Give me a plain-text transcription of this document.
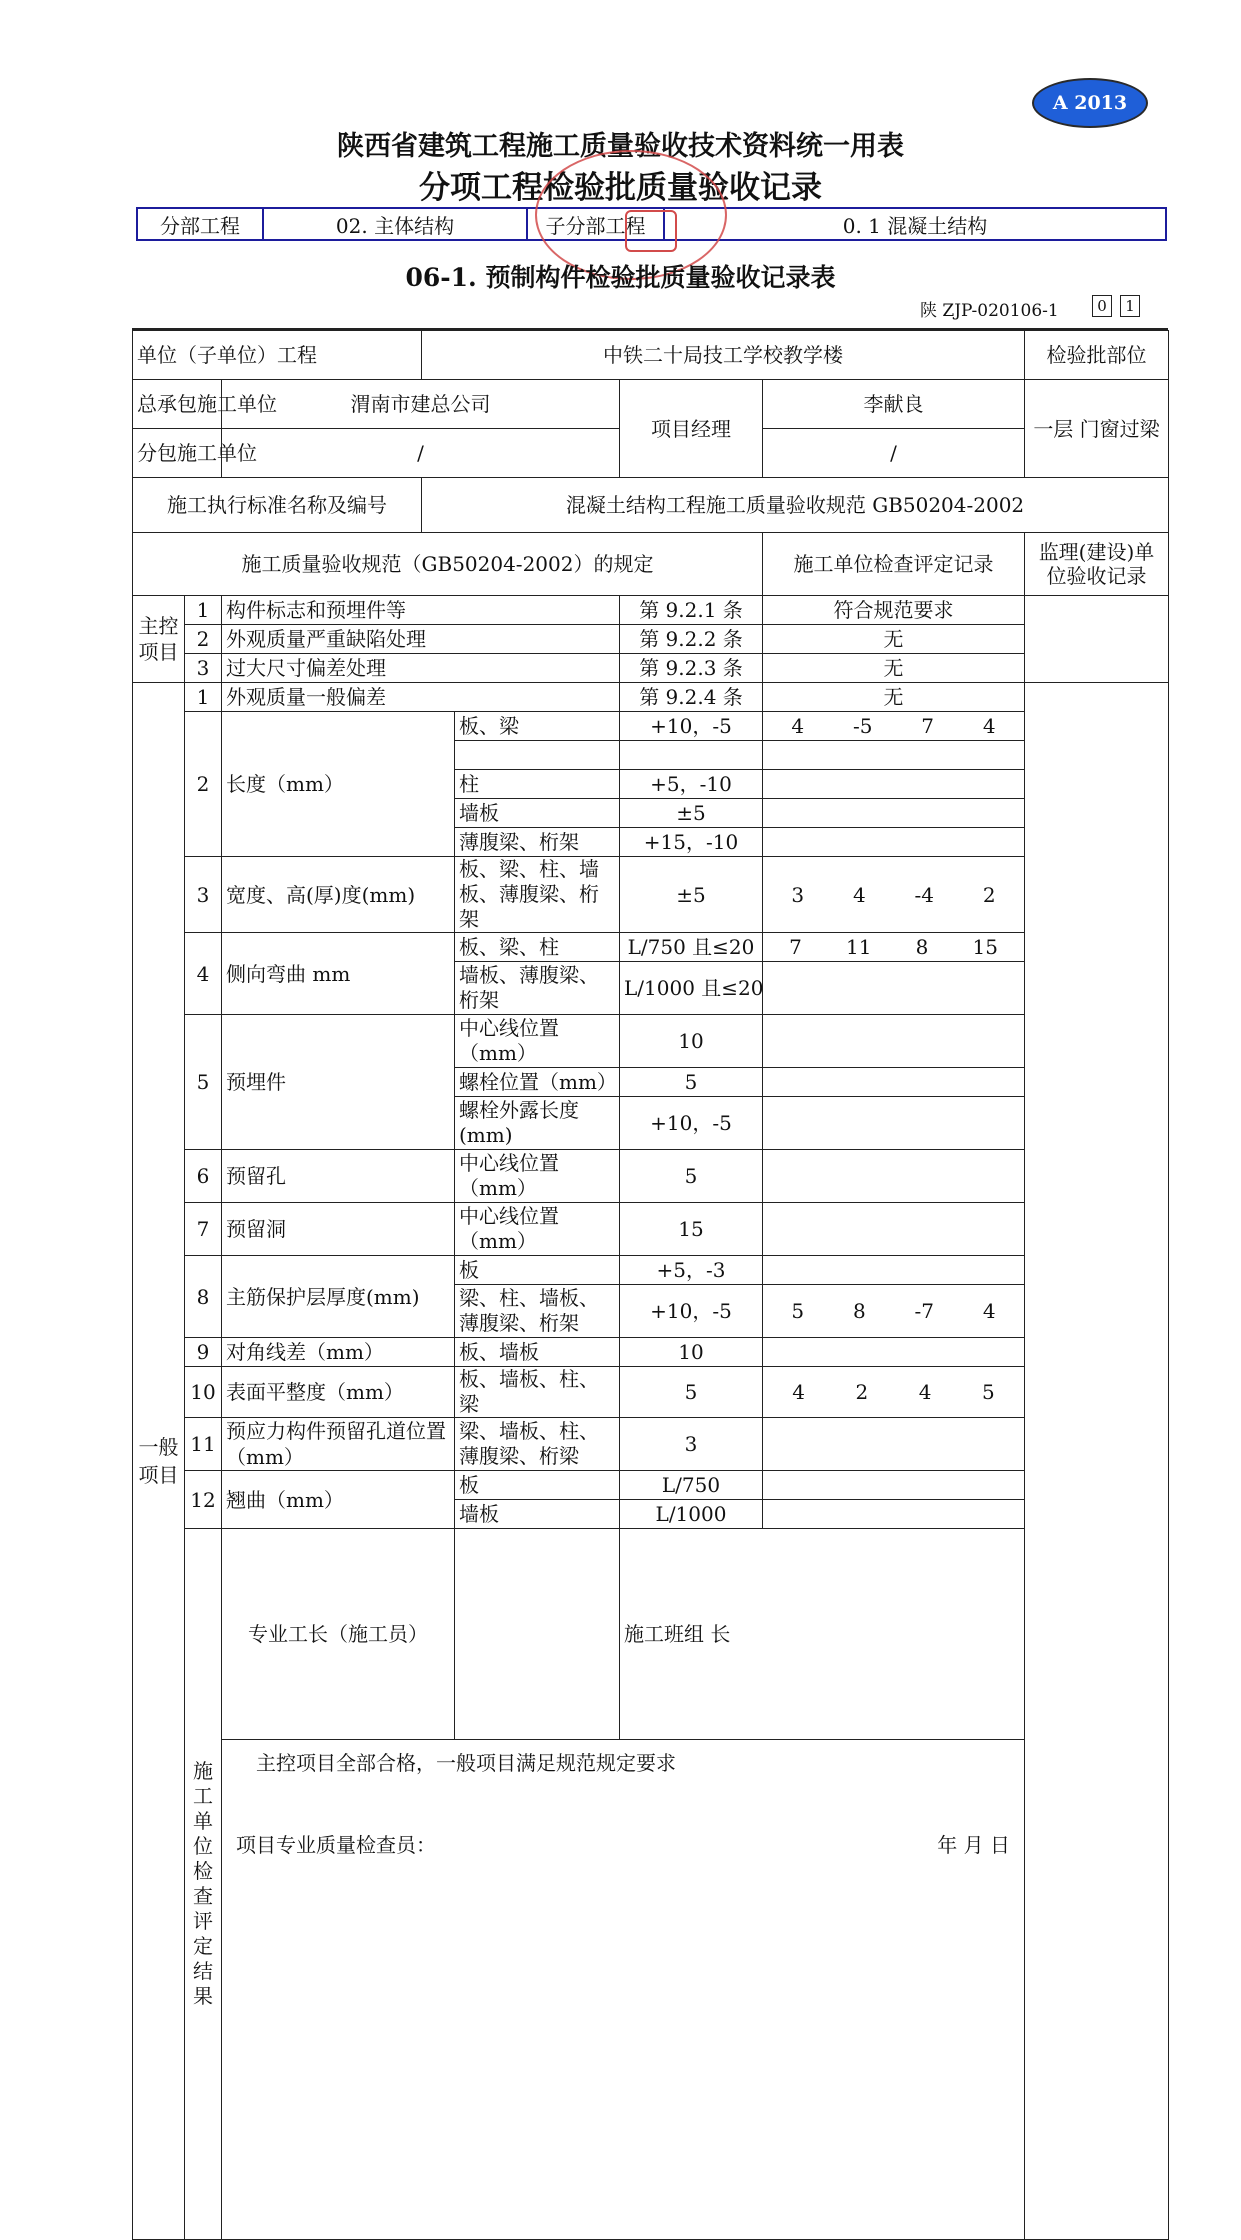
A 2013
陕西省建筑工程施工质量验收技术资料统一用表
分项工程检验批质量验收记录
分部工程	02. 主体结构	子分部工程	0. 1 混凝土结构
06-1. 预制构件检验批质量验收记录表
陕 ZJP-020106-1	0	1
单位（子单位）工程			中铁二十局技工学校教学楼				检验批部位	
总承包施工单位		渭南市建总公司			项目经理	李献良	一层 门窗过梁	
分包施工单位		/				/		
施工执行标准名称及编号			混凝土结构工程施工质量验收规范 GB50204-2002					
施工质量验收规范（GB50204-2002）的规定						施工单位检查评定记录	监理(建设)单位验收记录	
主控项目	1	构件标志和预埋件等			第 9.2.1 条	符合规范要求		
	2	外观质量严重缺陷处理			第 9.2.2 条	无		
	3	过大尺寸偏差处理			第 9.2.3 条	无		
一般项目	1	外观质量一般偏差			第 9.2.4 条	无		
	2	长度（mm）		板、梁	+10，-5	4 -5 7 4		

				柱	+5，-10			

				墙板	±5			

				薄腹梁、桁架	+15，-10			

	3	宽度、高(厚)度(mm)		板、梁、柱、墙板、薄腹梁、桁架	±5	3 4 -4 2		

	4	侧向弯曲 mm		板、梁、柱	L/750 且≤20	7 11 8 15		

				墙板、薄腹梁、桁架	L/1000 且≤20			

	5	预埋件		中心线位置（mm）	10			

				螺栓位置（mm）	5			

				螺栓外露长度(mm)	+10，-5			

	6	预留孔		中心线位置（mm）	5			

	7	预留洞		中心线位置（mm）	15			

	8	主筋保护层厚度(mm)		板	+5，-3			

				梁、柱、墙板、薄腹梁、桁架	+10，-5	5 8 -7 4		

	9	对角线差（mm）		板、墙板	10			

	10	表面平整度（mm）		板、墙板、柱、梁	5	4 2 4 5		

	11	预应力构件预留孔道位置（mm）		梁、墙板、柱、薄腹梁、桁梁	3			

	12	翘曲（mm）		板	L/750			

				墙板	L/1000			

	施工单位检查评定结果	专业工长（施工员）			施工班组 长		

		主控项目全部合格，一般项目满足规范规定要求
项目专业质量检查员： 年 月 日						
